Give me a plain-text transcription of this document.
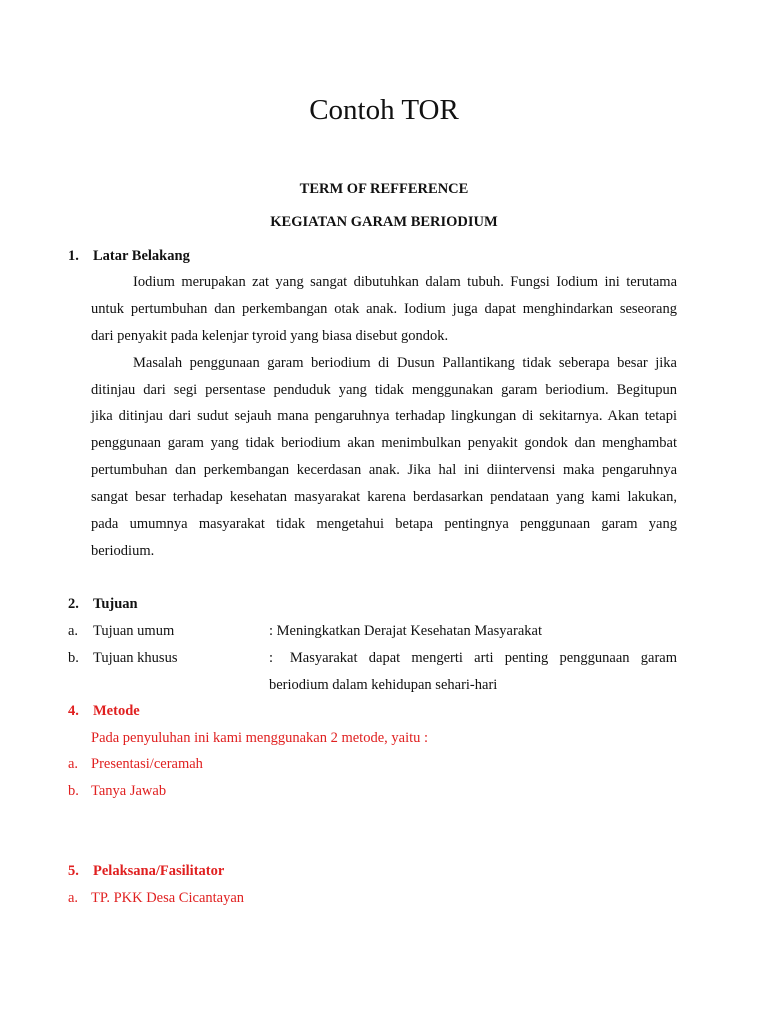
Contoh TOR
TERM OF REFFERENCE
KEGIATAN GARAM BERIODIUM
1. Latar Belakang
Iodium merupakan zat yang sangat dibutuhkan dalam tubuh. Fungsi Iodium ini terutama
untuk pertumbuhan dan perkembangan otak anak. Iodium juga dapat menghindarkan seseorang
dari penyakit pada kelenjar tyroid yang biasa disebut gondok.
Masalah penggunaan garam beriodium di Dusun Pallantikang tidak seberapa besar jika
ditinjau dari segi persentase penduduk yang tidak menggunakan garam beriodium. Begitupun
jika ditinjau dari sudut sejauh mana pengaruhnya terhadap lingkungan di sekitarnya. Akan tetapi
penggunaan garam yang tidak beriodium akan menimbulkan penyakit gondok dan menghambat
pertumbuhan dan perkembangan kecerdasan anak. Jika hal ini diintervensi maka pengaruhnya
sangat besar terhadap kesehatan masyarakat karena berdasarkan pendataan yang kami lakukan,
pada umumnya masyarakat tidak mengetahui betapa pentingnya penggunaan garam yang
beriodium.
2. Tujuan
a. Tujuan umum	: Meningkatkan Derajat Kesehatan Masyarakat
b. Tujuan khusus	:   Masyarakat  dapat  mengerti  arti  penting  penggunaan  garam
beriodium dalam kehidupan sehari-hari
4. Metode
Pada penyuluhan ini kami menggunakan 2 metode, yaitu :
a. Presentasi/ceramah
b. Tanya Jawab
5. Pelaksana/Fasilitator
a. TP. PKK Desa Cicantayan
